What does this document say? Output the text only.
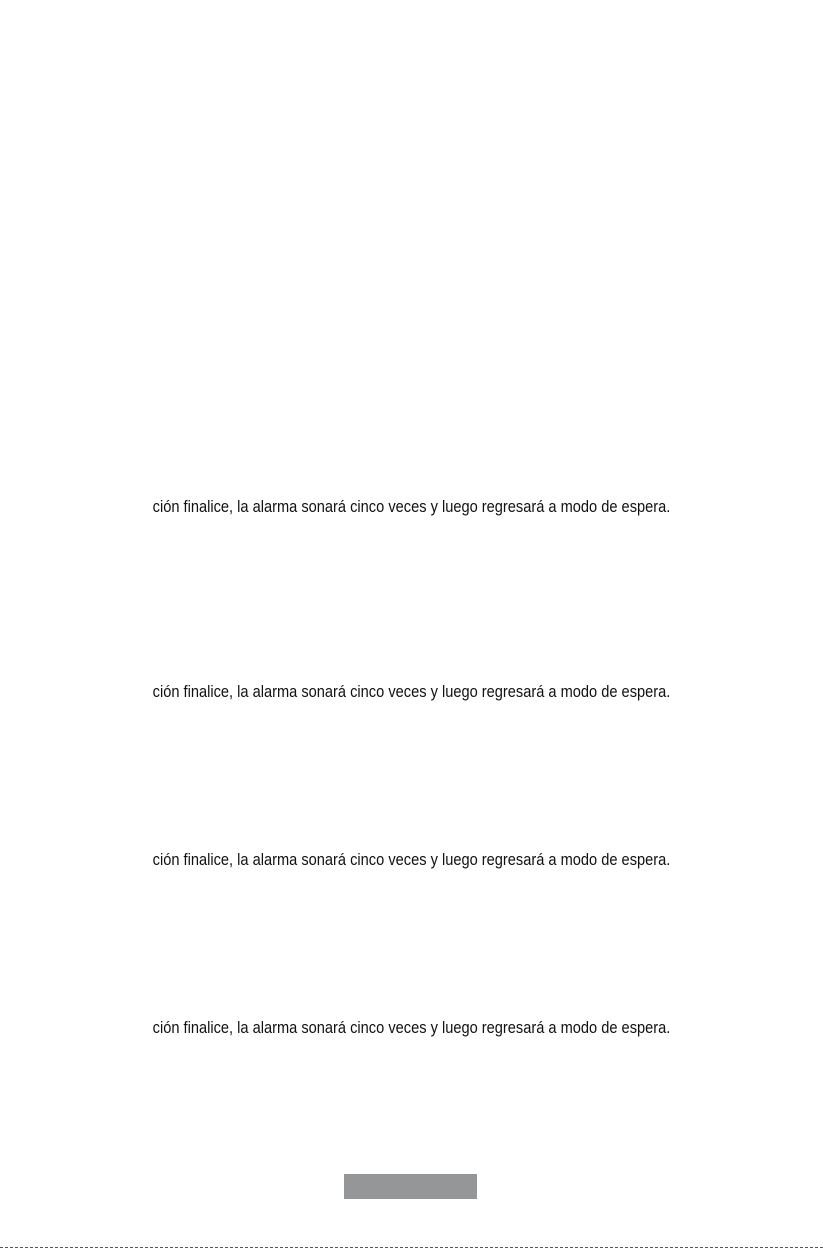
ción finalice, la alarma sonará cinco veces y luego regresará a modo de espera.
ción finalice, la alarma sonará cinco veces y luego regresará a modo de espera.
ción finalice, la alarma sonará cinco veces y luego regresará a modo de espera.
ción finalice, la alarma sonará cinco veces y luego regresará a modo de espera.
